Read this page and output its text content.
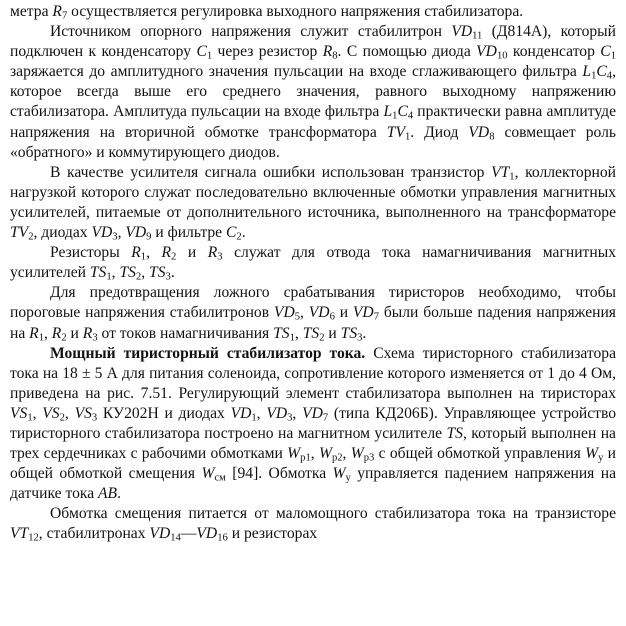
метра $R_7$ осуществляется регулировка выходного напряжения стабилизатора.

Источником опорного напряжения служит стабилитрон $VD_{11}$ (Д814А), который подключен к конденсатору $C_1$ через резистор $R_8$. С помощью диода $VD_{10}$ конденсатор $C_1$ заряжается до амплитудного значения пульсации на входе сглаживающего фильтра $L_1C_4$, которое всегда выше его среднего значения, равного выходному напряжению стабилизатора. Амплитуда пульсации на входе фильтра $L_1C_4$ практически равна амплитуде напряжения на вторичной обмотке трансформатора $TV_1$. Диод $VD_8$ совмещает роль «обратного» и коммутирующего диодов.

В качестве усилителя сигнала ошибки использован транзистор $VT_1$, коллекторной нагрузкой которого служат последовательно включенные обмотки управления магнитных усилителей, питаемые от дополнительного источника, выполненного на трансформаторе $TV_2$, диодах $VD_3$, $VD_9$ и фильтре $C_2$.

Резисторы $R_1$, $R_2$ и $R_3$ служат для отвода тока намагничивания магнитных усилителей $TS_1$, $TS_2$, $TS_3$.

Для предотвращения ложного срабатывания тиристоров необходимо, чтобы пороговые напряжения стабилитронов $VD_5$, $VD_6$ и $VD_7$ были больше падения напряжения на $R_1$, $R_2$ и $R_3$ от токов намагничивания $TS_1$, $TS_2$ и $TS_3$.

Мощный тиристорный стабилизатор тока. Схема тиристорного стабилизатора тока на 18 ± 5 А для питания соленоида, сопротивление которого изменяется от 1 до 4 Ом, приведена на рис. 7.51. Регулирующий элемент стабилизатора выполнен на тиристорах $VS_1$, $VS_2$, $VS_3$ КУ202Н и диодах $VD_1$, $VD_3$, $VD_7$ (типа КД206Б). Управляющее устройство тиристорного стабилизатора построено на магнитном усилителе TS, который выполнен на трех сердечниках с рабочими обмотками $W_{p1}$, $W_{p2}$, $W_{p3}$ с общей обмоткой управления $W_y$ и общей обмоткой смещения $W_{см}$ [94]. Обмотка $W_y$ управляется падением напряжения на датчике тока AB.

Обмотка смещения питается от маломощного стабилизатора тока на транзисторе $VT_{12}$, стабилитронах $VD_{14}—VD_{16}$ и резисторах
